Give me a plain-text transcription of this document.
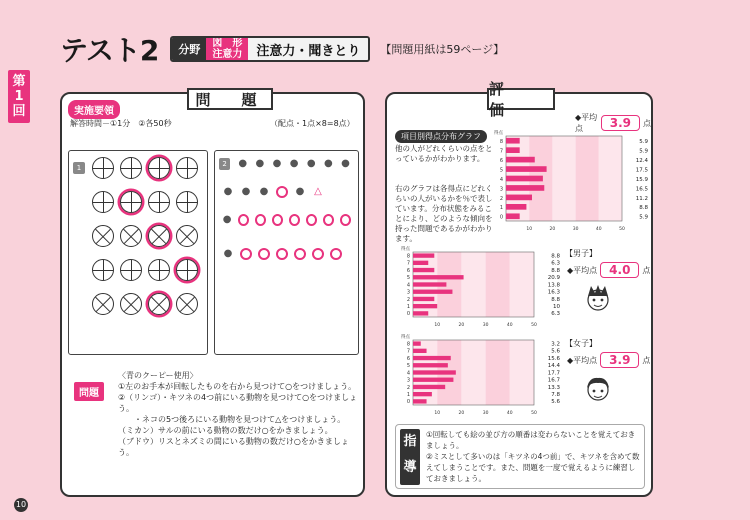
テスト2	分野	図　形
注意力	注意力・聞きとり	【問題用紙は59ページ】
第
1
回
10
問　題
実施要領
解答時間－①1分　②各50秒	（配点・1点×8=8点）
1	2	● ● ● ● ● ● ●
● ● ●	● △
●
●
問題
〈青のクーピー使用〉
①左のお手本が回転したものを右から見つけて○をつけましょう。
②（リンゴ）・キツネの4つ前にいる動物を見つけて○をつけましょう。
　　・ネコの5つ後ろにいる動物を見つけて△をつけましょう。
（ミカン）サルの前にいる動物の数だけ○をかきましょう。
（ブドウ）リスとネズミの間にいる動物の数だけ○をかきましょう。
評　価
項目別得点分布グラフ
他の人がどれくらいの点をとっているかがわかります。
右のグラフは各得点にどれくらいの人がいるかを％で表しています。分布状態をみることにより、どのような傾向を持った問題であるかがわかります。
◆平均点	3.9	点
8	5.9
7	5.9
6	12.4
5	17.5
4	15.9
3	16.5
2	11.2
1	8.8
0	5.9
10	20	30	40	50
得点
8	8.8
7	6.3
6	8.8
5	20.9
4	13.8
3	16.3
2	8.8
1	10
0	6.3
10	20	30	40	50
得点	【男子】
◆平均点	4.0	点
8	3.2
7	5.6
6	15.6
5	14.4
4	17.7
3	16.7
2	13.3
1	7.8
0	5.6
10	20	30	40	50
得点
【女子】
◆平均点	3.9	点
指導
①回転しても絵の並び方の順番は変わらないことを覚えておきましょう。
②ミスとして多いのは「キツネの4つ前」で、キツネを含めて数えてしまうことです。また、問題を一度で覚えるように練習しておきましょう。
